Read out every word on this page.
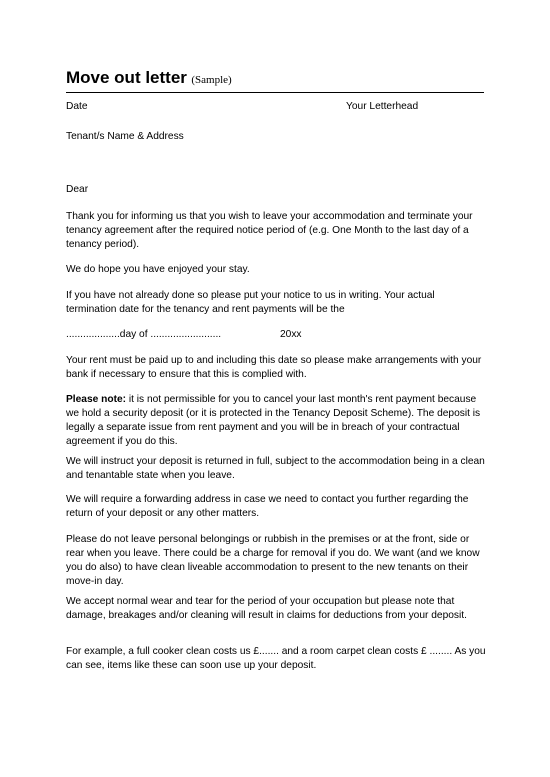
Move out letter (Sample)
Date	Your Letterhead
Tenant/s Name & Address
Dear

Thank you for informing us that you wish to leave your accommodation and terminate your tenancy agreement after the required notice period of (e.g. One Month to the last day of a tenancy period).

We do hope you have enjoyed your stay.

If you have not already done so please put your notice to us in writing. Your actual termination date for the tenancy and rent payments will be the

...................day of .........................	20xx

Your rent must be paid up to and including this date so please make arrangements with your bank if necessary to ensure that this is complied with.

Please note: it is not permissible for you to cancel your last month's rent payment because we hold a security deposit (or it is protected in the Tenancy Deposit Scheme). The deposit is legally a separate issue from rent payment and you will be in breach of your contractual agreement if you do this.

We will instruct your deposit is returned in full, subject to the accommodation being in a clean and tenantable state when you leave.

We will require a forwarding address in case we need to contact you further regarding the return of your deposit or any other matters.

Please do not leave personal belongings or rubbish in the premises or at the front, side or rear when you leave. There could be a charge for removal if you do. We want (and we know you do also) to have clean liveable accommodation to present to the new tenants on their move-in day.

We accept normal wear and tear for the period of your occupation but please note that damage, breakages and/or cleaning will result in claims for deductions from your deposit.

For example, a full cooker clean costs us £....... and a room carpet clean costs £ ........ As you can see, items like these can soon use up your deposit.
